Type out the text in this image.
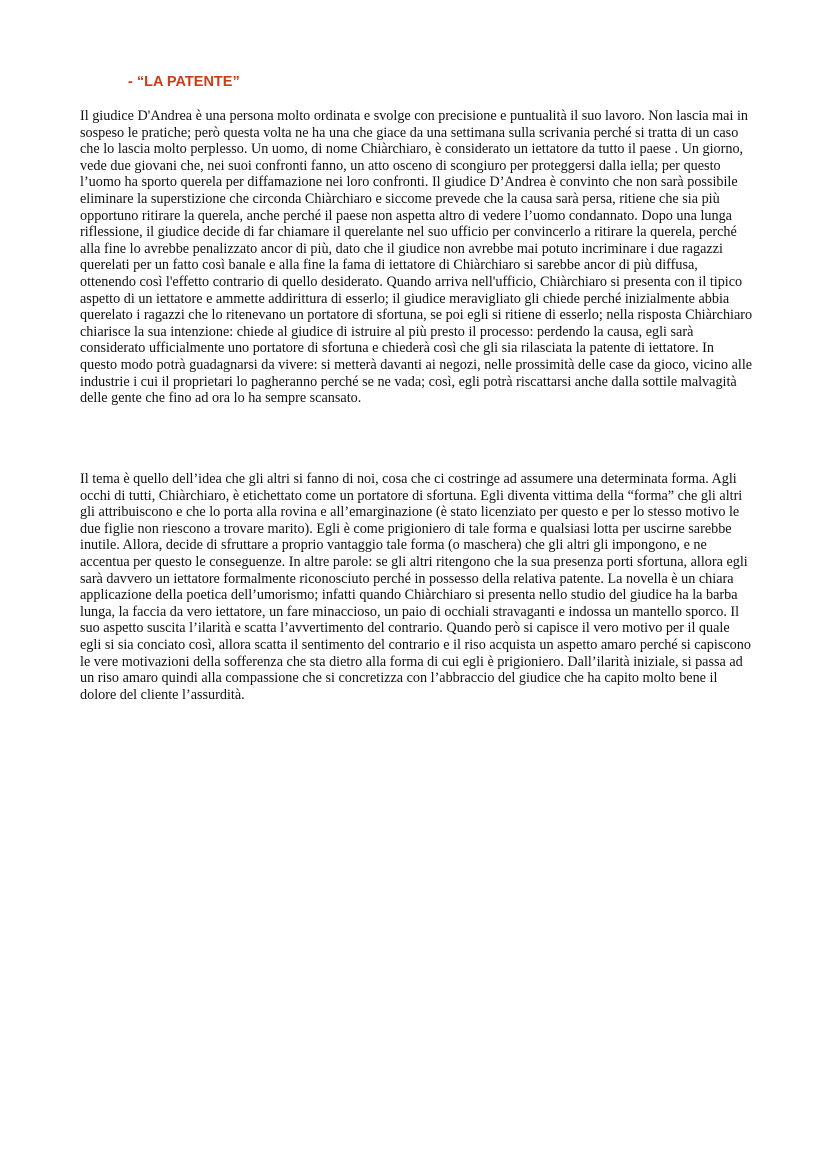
- “LA PATENTE”

Il giudice D'Andrea è una persona molto ordinata e svolge con precisione e puntualità il suo lavoro. Non lascia mai in sospeso le pratiche; però questa volta ne ha una che giace da una settimana sulla scrivania perché si tratta di un caso che lo lascia molto perplesso. Un uomo, di nome Chiàrchiaro, è considerato un iettatore da tutto il paese . Un giorno, vede due giovani che, nei suoi confronti fanno, un atto osceno di scongiuro per proteggersi dalla iella; per questo l’uomo ha sporto querela per diffamazione nei loro confronti. Il giudice D’Andrea è convinto che non sarà possibile eliminare la superstizione che circonda Chiàrchiaro e siccome prevede che la causa sarà persa, ritiene che sia più opportuno ritirare la querela, anche perché il paese non aspetta altro di vedere l’uomo condannato. Dopo una lunga riflessione, il giudice decide di far chiamare il querelante nel suo ufficio per convincerlo a ritirare la querela, perché alla fine lo avrebbe penalizzato ancor di più, dato che il giudice non avrebbe mai potuto incriminare i due ragazzi querelati per un fatto così banale e alla fine la fama di iettatore di Chiàrchiaro si sarebbe ancor di più diffusa, ottenendo così l'effetto contrario di quello desiderato. Quando arriva nell'ufficio, Chiàrchiaro si presenta con il tipico aspetto di un iettatore e ammette addirittura di esserlo; il giudice meravigliato gli chiede perché inizialmente abbia querelato i ragazzi che lo ritenevano un portatore di sfortuna, se poi egli si ritiene di esserlo; nella risposta Chiàrchiaro chiarisce la sua intenzione: chiede al giudice di istruire al più presto il processo: perdendo la causa, egli sarà considerato ufficialmente uno portatore di sfortuna e chiederà così che gli sia rilasciata la patente di iettatore. In questo modo potrà guadagnarsi da vivere: si metterà davanti ai negozi, nelle prossimità delle case da gioco, vicino alle industrie i cui il proprietari lo pagheranno perché se ne vada; così, egli potrà riscattarsi anche dalla sottile malvagità delle gente che fino ad ora lo ha sempre scansato.

Il tema è quello dell’idea che gli altri si fanno di noi, cosa che ci costringe ad assumere una determinata forma. Agli occhi di tutti, Chiàrchiaro, è etichettato come un portatore di sfortuna. Egli diventa vittima della “forma” che gli altri gli attribuiscono e che lo porta alla rovina e all’emarginazione (è stato licenziato per questo e per lo stesso motivo le due figlie non riescono a trovare marito). Egli è come prigioniero di tale forma e qualsiasi lotta per uscirne sarebbe inutile. Allora, decide di sfruttare a proprio vantaggio tale forma (o maschera) che gli altri gli impongono, e ne accentua per questo le conseguenze. In altre parole: se gli altri ritengono che la sua presenza porti sfortuna, allora egli sarà davvero un iettatore formalmente riconosciuto perché in possesso della relativa patente. La novella è un chiara applicazione della poetica dell’umorismo; infatti quando Chiàrchiaro si presenta nello studio del giudice ha la barba lunga, la faccia da vero iettatore, un fare minaccioso, un paio di occhiali stravaganti e indossa un mantello sporco. Il suo aspetto suscita l’ilarità e scatta l’avvertimento del contrario. Quando però si capisce il vero motivo per il quale egli si sia conciato così, allora scatta il sentimento del contrario e il riso acquista un aspetto amaro perché si capiscono le vere motivazioni della sofferenza che sta dietro alla forma di cui egli è prigioniero. Dall’ilarità iniziale, si passa ad un riso amaro quindi alla compassione che si concretizza con l’abbraccio del giudice che ha capito molto bene il dolore del cliente l’assurdità.
